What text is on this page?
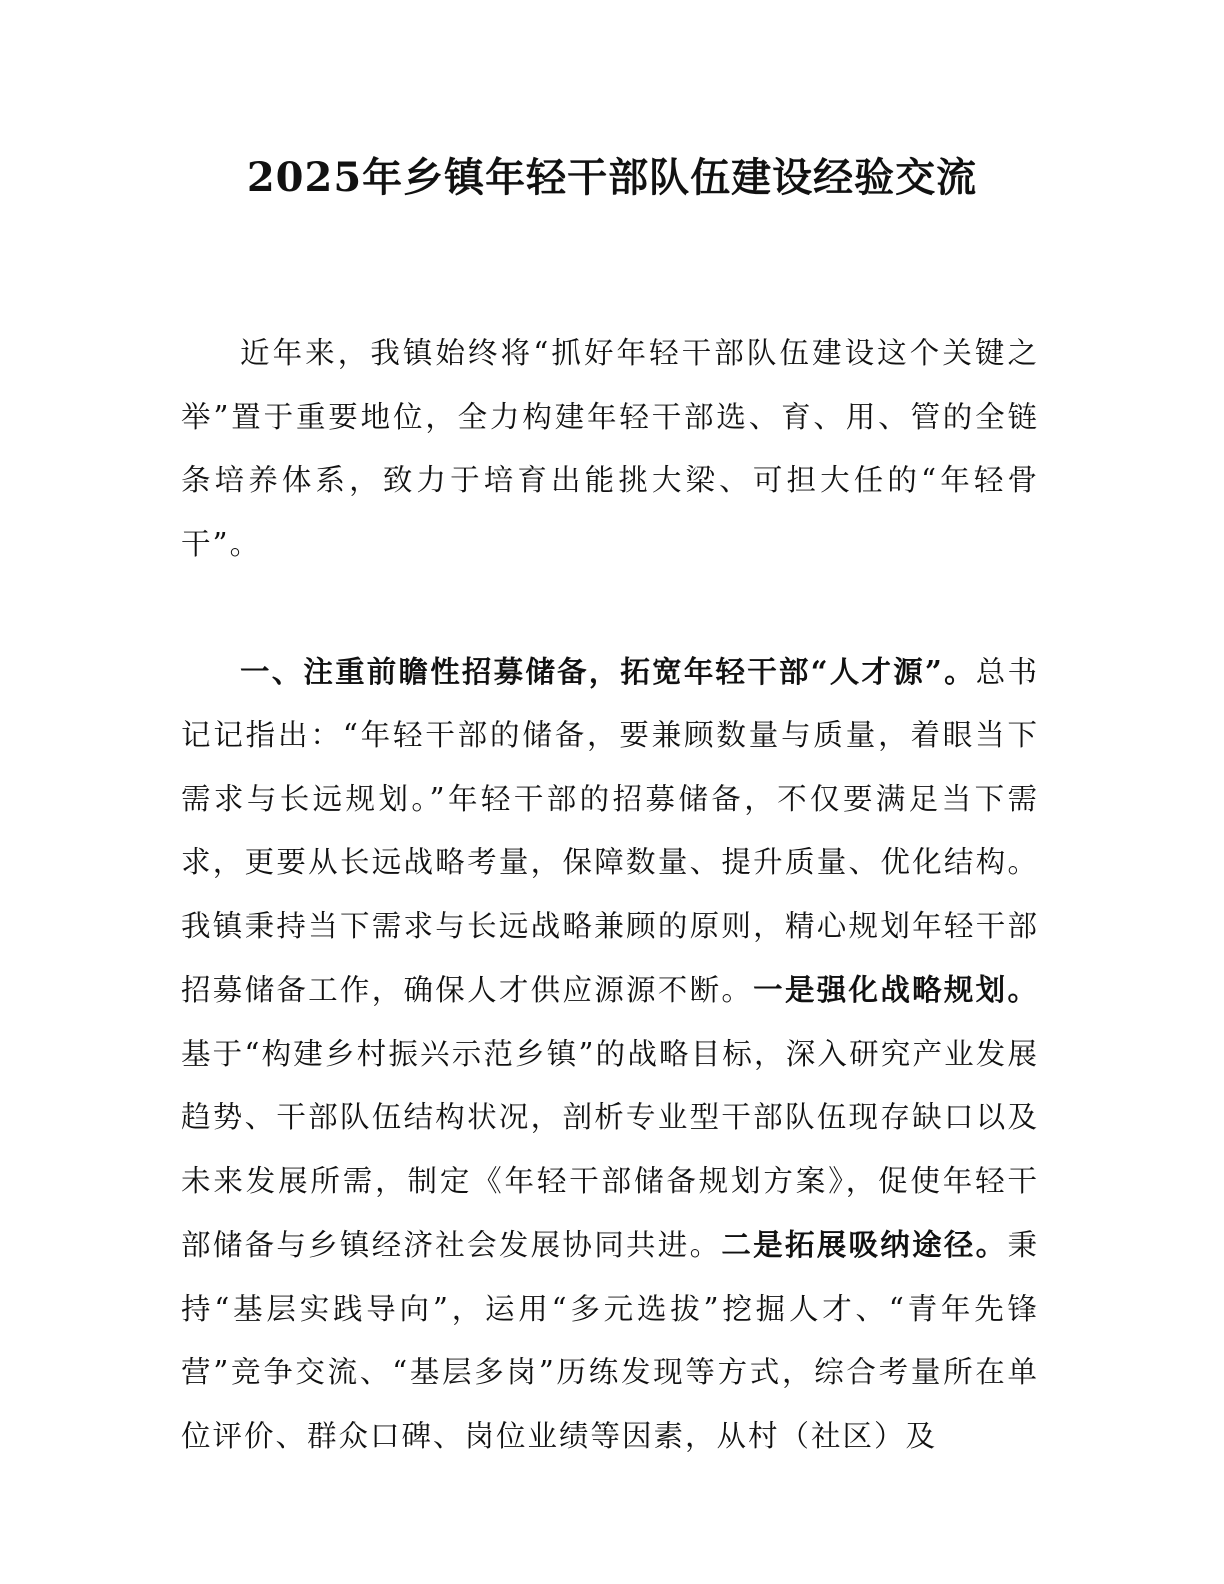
2025年乡镇年轻干部队伍建设经验交流

近年来，我镇始终将“抓好年轻干部队伍建设这个关键之举”置于重要地位，全力构建年轻干部选、育、用、管的全链条培养体系，致力于培育出能挑大梁、可担大任的“年轻骨干”。

一、注重前瞻性招募储备，拓宽年轻干部“人才源”。总书记记指出：“年轻干部的储备，要兼顾数量与质量，着眼当下需求与长远规划。”年轻干部的招募储备，不仅要满足当下需求，更要从长远战略考量，保障数量、提升质量、优化结构。我镇秉持当下需求与长远战略兼顾的原则，精心规划年轻干部招募储备工作，确保人才供应源源不断。一是强化战略规划。基于“构建乡村振兴示范乡镇”的战略目标，深入研究产业发展趋势、干部队伍结构状况，剖析专业型干部队伍现存缺口以及未来发展所需，制定《年轻干部储备规划方案》，促使年轻干部储备与乡镇经济社会发展协同共进。二是拓展吸纳途径。秉持“基层实践导向”，运用“多元选拔”挖掘人才、“青年先锋营”竞争交流、“基层多岗”历练发现等方式，综合考量所在单位评价、群众口碑、岗位业绩等因素，从村（社区）及
